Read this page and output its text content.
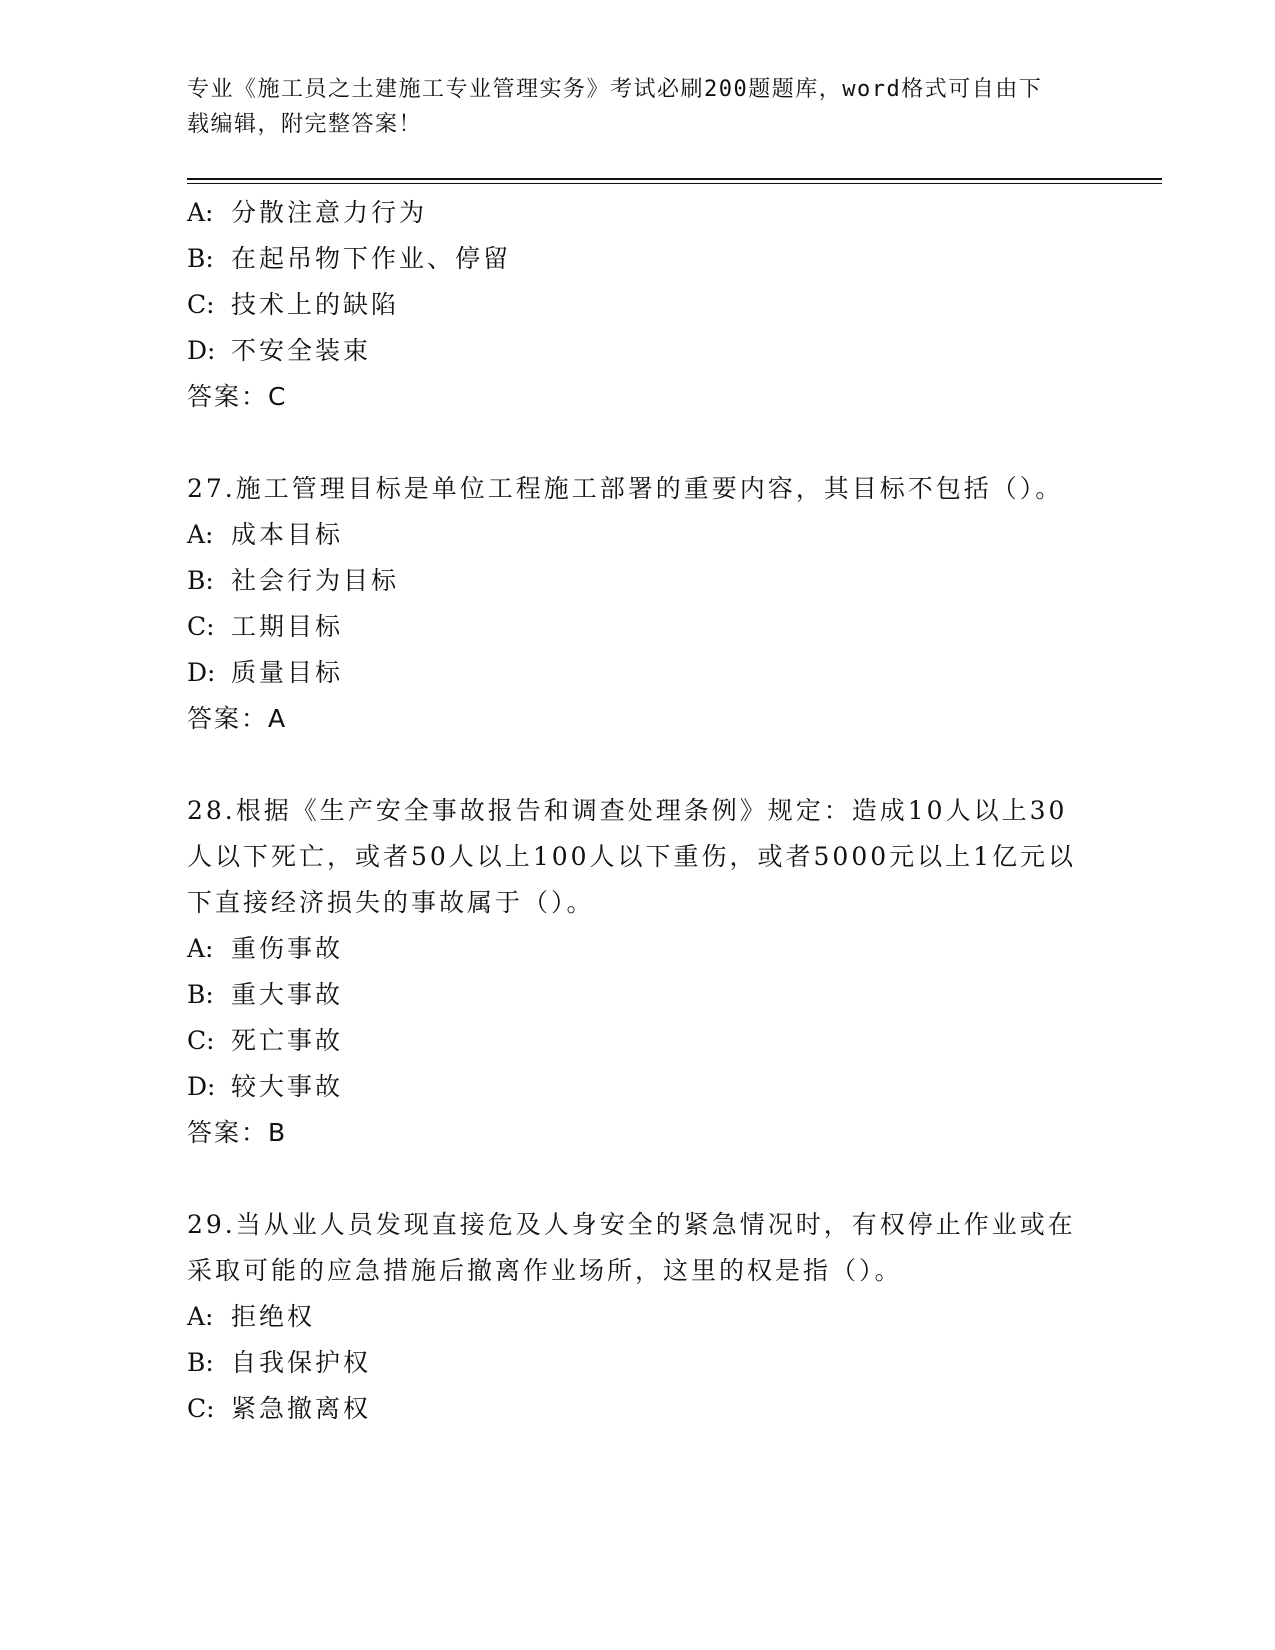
专业《施工员之土建施工专业管理实务》考试必刷200题题库，word格式可自由下载编辑，附完整答案！

A: 分散注意力行为

B: 在起吊物下作业、停留

C: 技术上的缺陷

D: 不安全装束

答案：C

27.施工管理目标是单位工程施工部署的重要内容，其目标不包括（）。

A: 成本目标

B: 社会行为目标

C: 工期目标

D: 质量目标

答案：A

28.根据《生产安全事故报告和调查处理条例》规定：造成10人以上30人以下死亡，或者50人以上100人以下重伤，或者5000元以上1亿元以下直接经济损失的事故属于（）。

A: 重伤事故

B: 重大事故

C: 死亡事故

D: 较大事故

答案：B

29.当从业人员发现直接危及人身安全的紧急情况时，有权停止作业或在采取可能的应急措施后撤离作业场所，这里的权是指（）。

A: 拒绝权

B: 自我保护权

C: 紧急撤离权
